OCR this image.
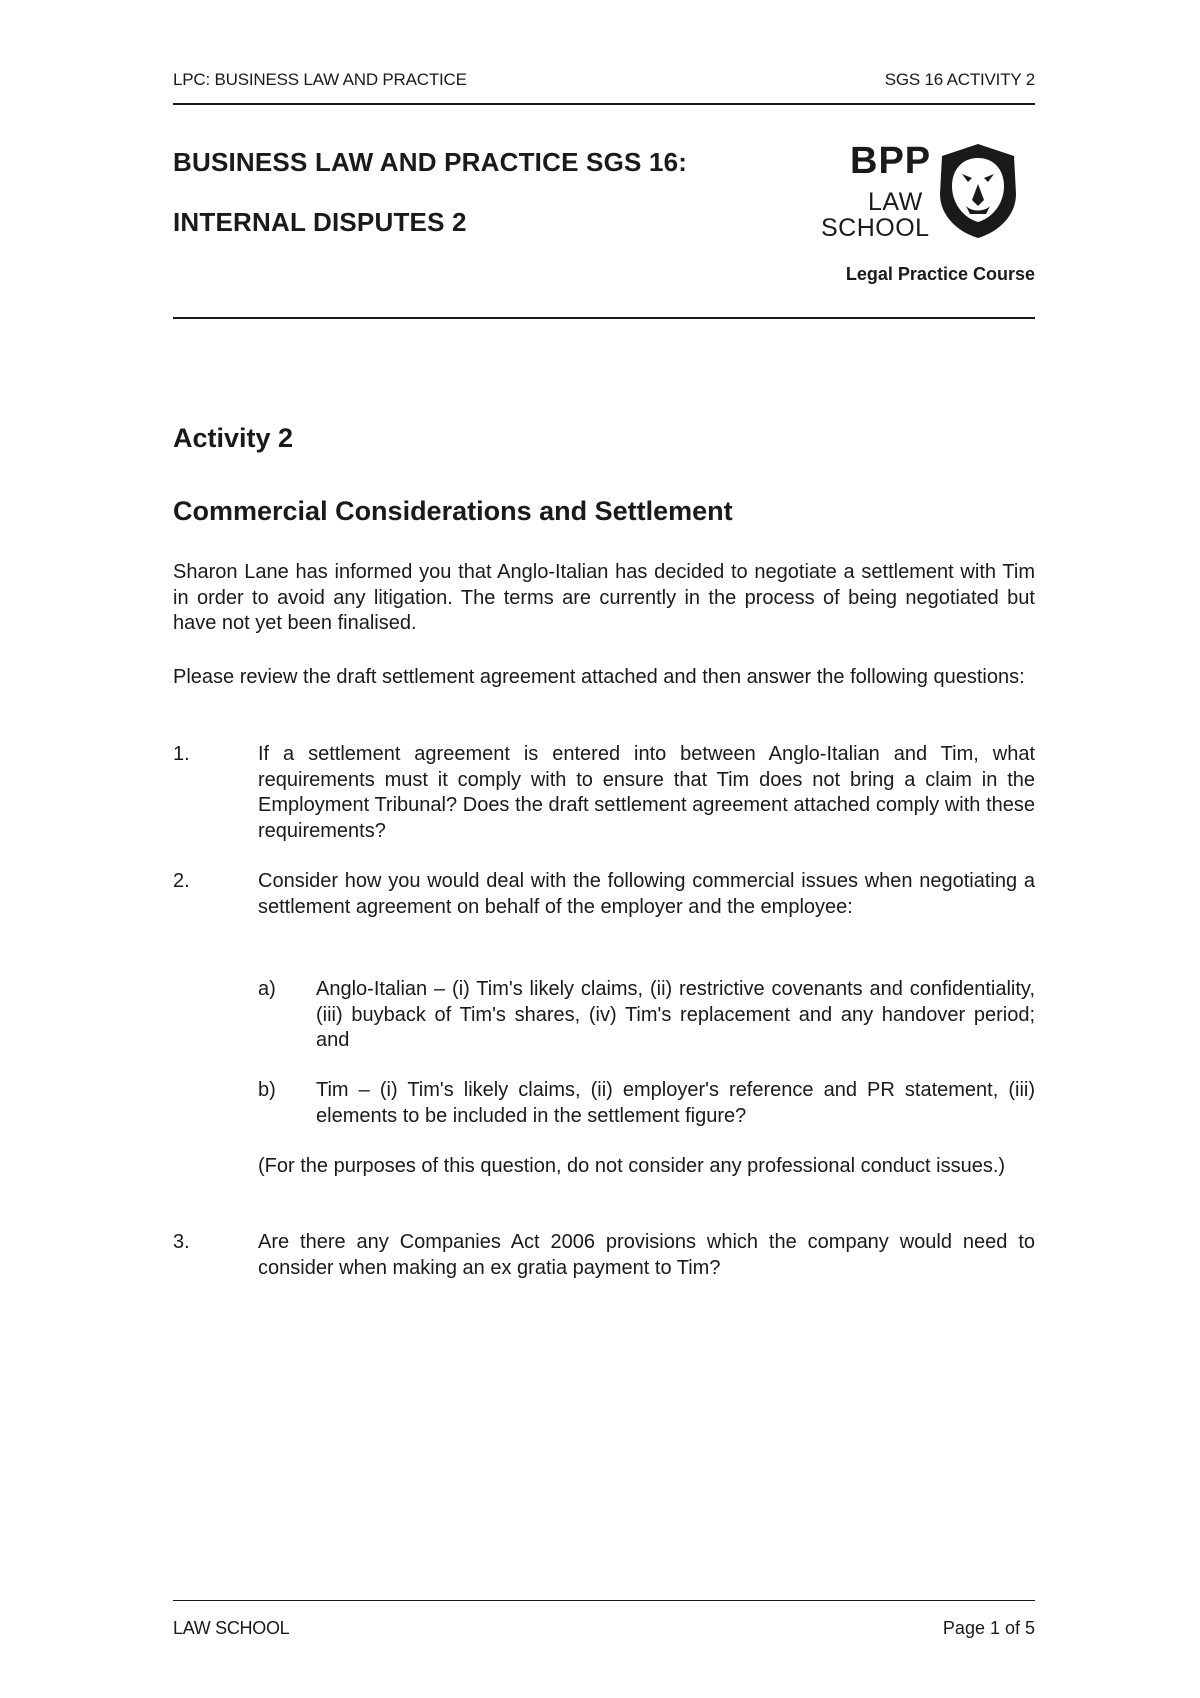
LPC: BUSINESS LAW AND PRACTICE	SGS 16 ACTIVITY 2
BUSINESS LAW AND PRACTICE SGS 16:
INTERNAL DISPUTES 2
BPP
LAW
SCHOOL
Legal Practice Course
Activity 2
Commercial Considerations and Settlement
Sharon Lane has informed you that Anglo-Italian has decided to negotiate a settlement with Tim in order to avoid any litigation. The terms are currently in the process of being negotiated but have not yet been finalised.
Please review the draft settlement agreement attached and then answer the following questions:
1.	If a settlement agreement is entered into between Anglo-Italian and Tim, what requirements must it comply with to ensure that Tim does not bring a claim in the Employment Tribunal? Does the draft settlement agreement attached comply with these requirements?
2.	Consider how you would deal with the following commercial issues when negotiating a settlement agreement on behalf of the employer and the employee:
3.	Are there any Companies Act 2006 provisions which the company would need to consider when making an ex gratia payment to Tim?
a) Anglo-Italian – (i) Tim's likely claims, (ii) restrictive covenants and confidentiality, (iii) buyback of Tim's shares, (iv) Tim's replacement and any handover period; and
b) Tim – (i) Tim's likely claims, (ii) employer's reference and PR statement, (iii) elements to be included in the settlement figure?
(For the purposes of this question, do not consider any professional conduct issues.)
LAW SCHOOL	Page 1 of 5
